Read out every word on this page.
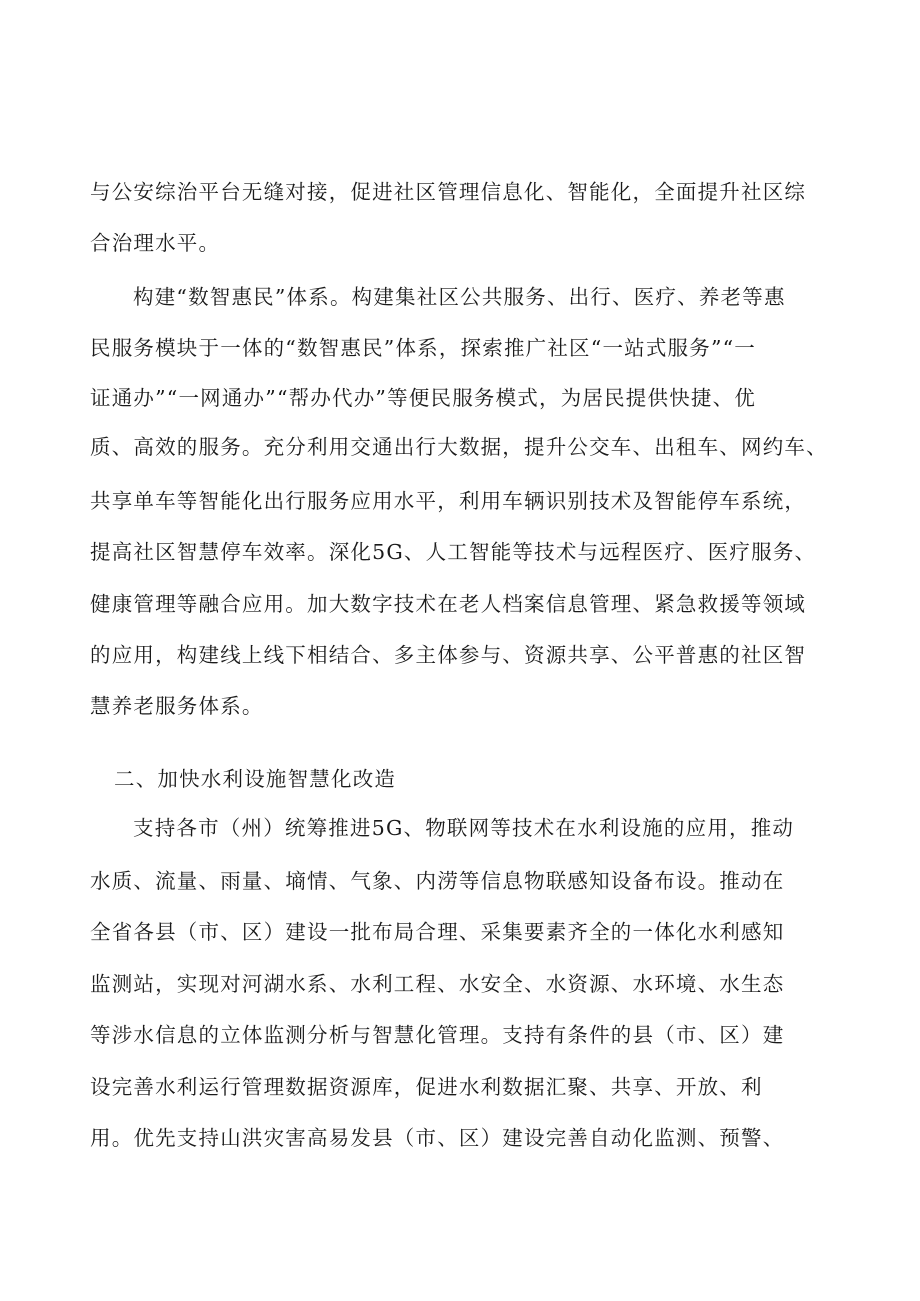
与公安综治平台无缝对接，促进社区管理信息化、智能化，全面提升社区综
合治理水平。
构建“数智惠民”体系。构建集社区公共服务、出行、医疗、养老等惠
民服务模块于一体的“数智惠民”体系，探索推广社区“一站式服务”“一
证通办”“一网通办”“帮办代办”等便民服务模式，为居民提供快捷、优
质、高效的服务。充分利用交通出行大数据，提升公交车、出租车、网约车、
共享单车等智能化出行服务应用水平，利用车辆识别技术及智能停车系统，
提高社区智慧停车效率。深化5G、人工智能等技术与远程医疗、医疗服务、
健康管理等融合应用。加大数字技术在老人档案信息管理、紧急救援等领域
的应用，构建线上线下相结合、多主体参与、资源共享、公平普惠的社区智
慧养老服务体系。
二、加快水利设施智慧化改造
支持各市（州）统筹推进5G、物联网等技术在水利设施的应用，推动
水质、流量、雨量、墒情、气象、内涝等信息物联感知设备布设。推动在
全省各县（市、区）建设一批布局合理、采集要素齐全的一体化水利感知
监测站，实现对河湖水系、水利工程、水安全、水资源、水环境、水生态
等涉水信息的立体监测分析与智慧化管理。支持有条件的县（市、区）建
设完善水利运行管理数据资源库，促进水利数据汇聚、共享、开放、利
用。优先支持山洪灾害高易发县（市、区）建设完善自动化监测、预警、
